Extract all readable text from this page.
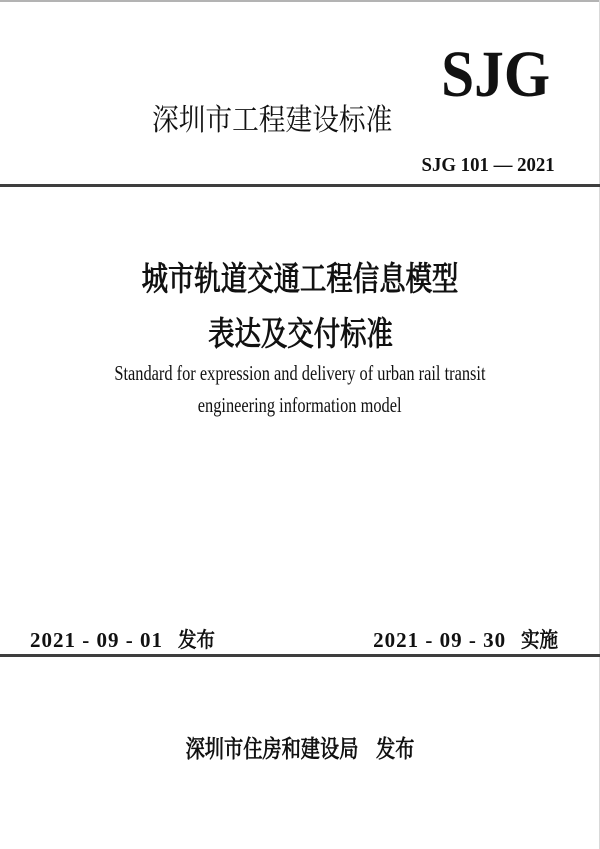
SJG
深圳市工程建设标准
SJG 101 — 2021
城市轨道交通工程信息模型
表达及交付标准
Standard for expression and delivery of urban rail transit
engineering information model
2021 - 09 - 01 发布	2021 - 09 - 30 实施
深圳市住房和建设局 发布
